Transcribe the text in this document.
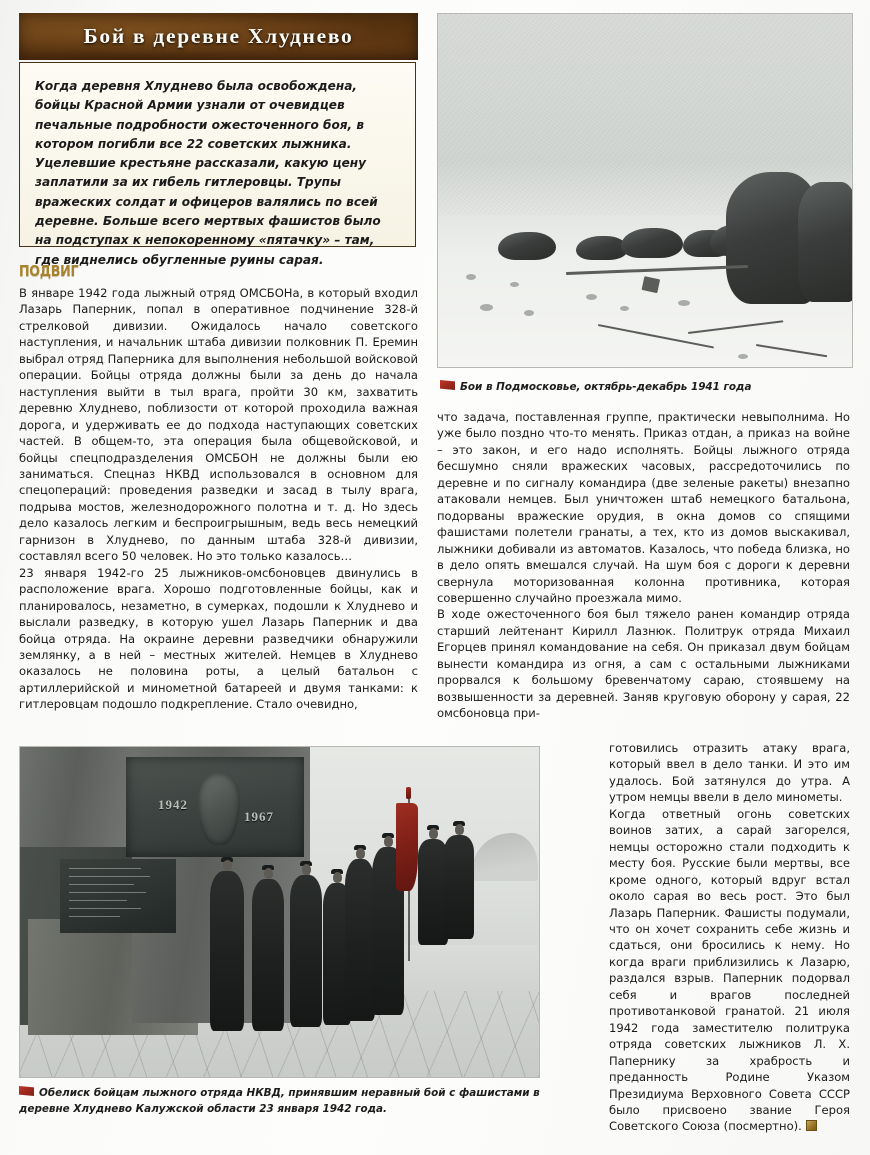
Бой в деревне Хлуднево

Когда деревня Хлуднево была освобождена, бойцы Красной Армии узнали от очевидцев печальные подробности ожесточенного боя, в котором погибли все 22 советских лыжника. Уцелевшие крестьяне рассказали, какую цену заплатили за их гибель гитлеровцы. Трупы вражеских солдат и офицеров валялись по всей деревне. Больше всего мертвых фашистов было на подступах к непокоренному «пятачку» – там, где виднелись обугленные руины сарая.

ПОДВИГ
Бои в Подмосковье, октябрь-декабрь 1941 года

В январе 1942 года лыжный отряд ОМСБОНа, в который входил Лазарь Паперник, попал в оперативное подчинение 328-й стрелковой дивизии. Ожидалось начало советского наступления, и начальник штаба дивизии полковник П. Еремин выбрал отряд Паперника для выполнения небольшой войсковой операции. Бойцы отряда должны были за день до начала наступления выйти в тыл врага, пройти 30 км, захватить деревню Хлуднево, поблизости от которой проходила важная дорога, и удерживать ее до подхода наступающих советских частей. В общем-то, эта операция была общевойсковой, и бойцы спецподразделения ОМСБОН не должны были ею заниматься. Спецназ НКВД использовался в основном для спецопераций: проведения разведки и засад в тылу врага, подрыва мостов, железнодорожного полотна и т. д. Но здесь дело казалось легким и беспроигрышным, ведь весь немецкий гарнизон в Хлуднево, по данным штаба 328-й дивизии, составлял всего 50 человек. Но это только казалось…

23 января 1942-го 25 лыжников-омсбоновцев двинулись в расположение врага. Хорошо подготовленные бойцы, как и планировалось, незаметно, в сумерках, подошли к Хлуднево и выслали разведку, в которую ушел Лазарь Паперник и два бойца отряда. На окраине деревни разведчики обнаружили землянку, а в ней – местных жителей. Немцев в Хлуднево оказалось не половина роты, а целый батальон с артиллерийской и минометной батареей и двумя танками: к гитлеровцам подошло подкрепление. Стало очевидно,

что задача, поставленная группе, практически невыполнима. Но уже было поздно что-то менять. Приказ отдан, а приказ на войне – это закон, и его надо исполнять. Бойцы лыжного отряда бесшумно сняли вражеских часовых, рассредоточились по деревне и по сигналу командира (две зеленые ракеты) внезапно атаковали немцев. Был уничтожен штаб немецкого батальона, подорваны вражеские орудия, в окна домов со спящими фашистами полетели гранаты, а тех, кто из домов выскакивал, лыжники добивали из автоматов. Казалось, что победа близка, но в дело опять вмешался случай. На шум боя с дороги к деревни свернула моторизованная колонна противника, которая совершенно случайно проезжала мимо.

В ходе ожесточенного боя был тяжело ранен командир отряда старший лейтенант Кирилл Лазнюк. Политрук отряда Михаил Егорцев принял командование на себя. Он приказал двум бойцам вынести командира из огня, а сам с остальными лыжниками прорвался к большому бревенчатому сараю, стоявшему на возвышенности за деревней. Заняв круговую оборону у сарая, 22 омсбоновца при-

готовились отразить атаку врага, который ввел в дело танки. И это им удалось. Бой затянулся до утра. А утром немцы ввели в дело минометы.

Когда ответный огонь советских воинов затих, а сарай загорелся, немцы осторожно стали подходить к месту боя. Русские были мертвы, все кроме одного, который вдруг встал около сарая во весь рост. Это был Лазарь Паперник. Фашисты подумали, что он хочет сохранить себе жизнь и сдаться, они бросились к нему. Но когда враги приблизились к Лазарю, раздался взрыв. Паперник подорвал себя и врагов последней противотанковой гранатой. 21 июля 1942 года заместителю политрука отряда советских лыжников Л. Х. Папернику за храбрость и преданность Родине Указом Президиума Верховного Совета СССР было присвоено звание Героя Советского Союза (посмертно).

1942
1967
Обелиск бойцам лыжного отряда НКВД, принявшим неравный бой с фашистами в деревне Хлуднево Калужской области 23 января 1942 года.
